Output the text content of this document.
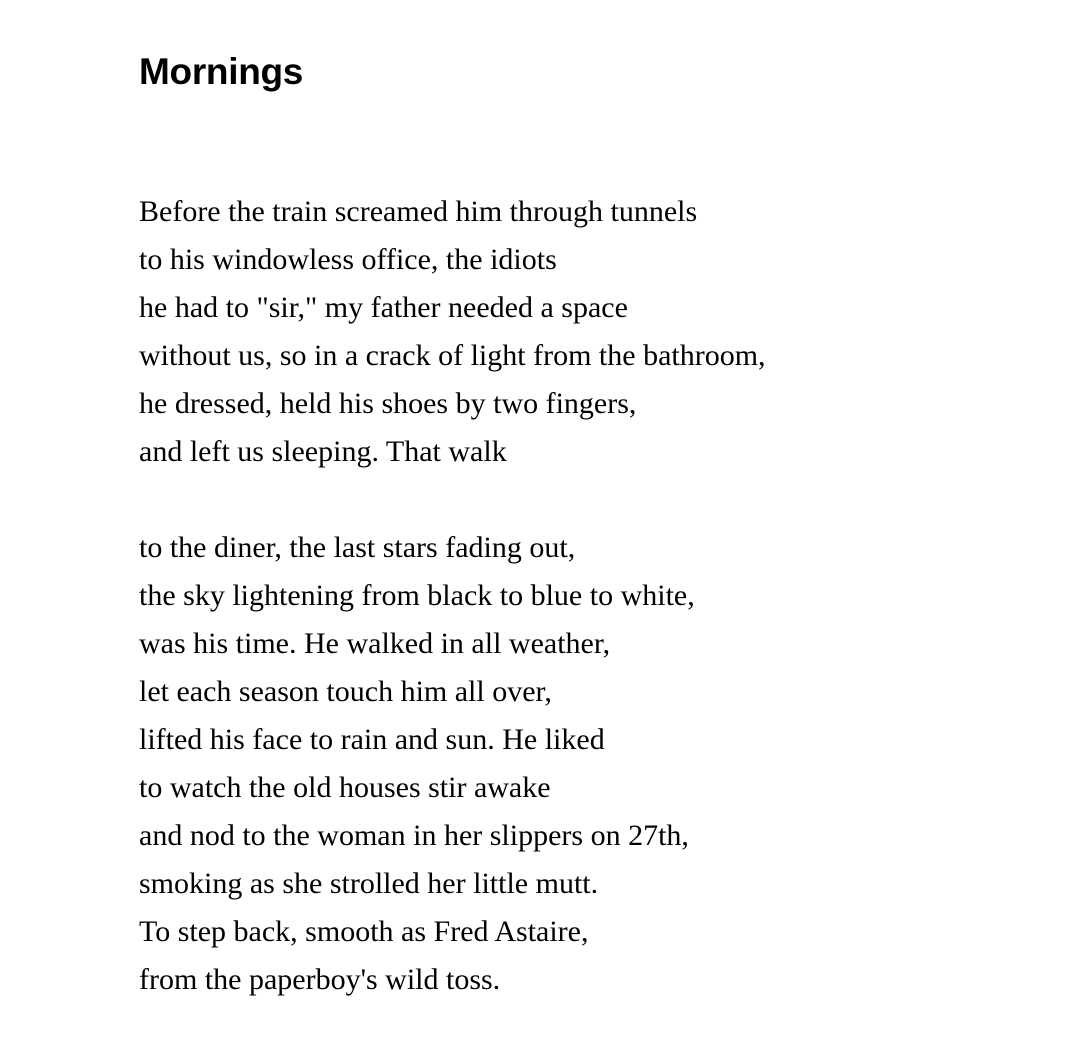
Mornings
Before the train screamed him through tunnels
to his windowless office, the idiots
he had to "sir," my father needed a space
without us, so in a crack of light from the bathroom,
he dressed, held his shoes by two fingers,
and left us sleeping. That walk
to the diner, the last stars fading out,
the sky lightening from black to blue to white,
was his time. He walked in all weather,
let each season touch him all over,
lifted his face to rain and sun. He liked
to watch the old houses stir awake
and nod to the woman in her slippers on 27th,
smoking as she strolled her little mutt.
To step back, smooth as Fred Astaire,
from the paperboy's wild toss.
